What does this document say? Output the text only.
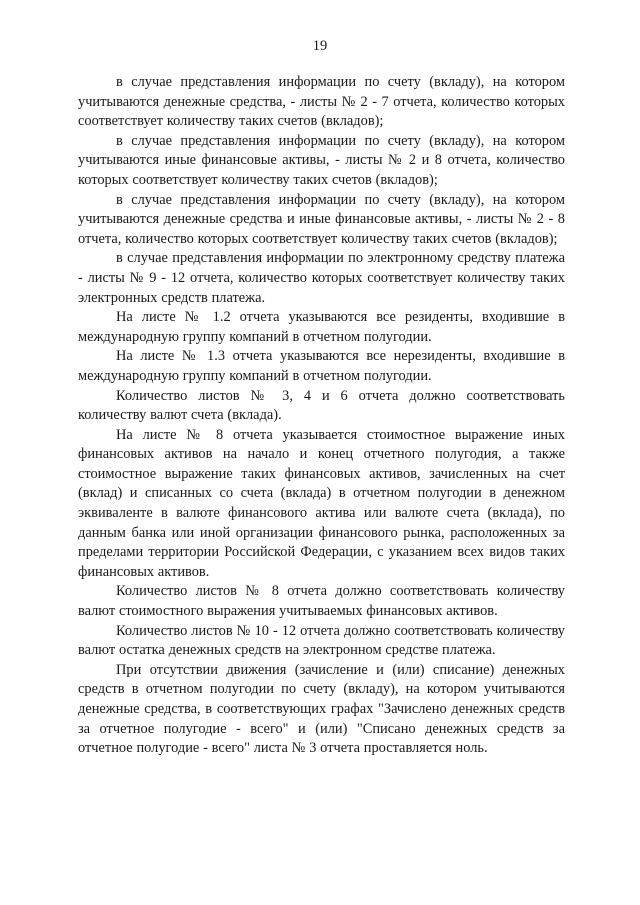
19

в случае представления информации по счету (вкладу), на котором учитываются денежные средства, - листы № 2 - 7 отчета, количество которых соответствует количеству таких счетов (вкладов);

в случае представления информации по счету (вкладу), на котором учитываются иные финансовые активы, - листы № 2 и 8 отчета, количество которых соответствует количеству таких счетов (вкладов);

в случае представления информации по счету (вкладу), на котором учитываются денежные средства и иные финансовые активы, - листы № 2 - 8 отчета, количество которых соответствует количеству таких счетов (вкладов);

в случае представления информации по электронному средству платежа - листы № 9 - 12 отчета, количество которых соответствует количеству таких электронных средств платежа.

На листе № 1.2 отчета указываются все резиденты, входившие в международную группу компаний в отчетном полугодии.

На листе № 1.3 отчета указываются все нерезиденты, входившие в международную группу компаний в отчетном полугодии.

Количество листов № 3, 4 и 6 отчета должно соответствовать количеству валют счета (вклада).

На листе № 8 отчета указывается стоимостное выражение иных финансовых активов на начало и конец отчетного полугодия, а также стоимостное выражение таких финансовых активов, зачисленных на счет (вклад) и списанных со счета (вклада) в отчетном полугодии в денежном эквиваленте в валюте финансового актива или валюте счета (вклада), по данным банка или иной организации финансового рынка, расположенных за пределами территории Российской Федерации, с указанием всех видов таких финансовых активов.

Количество листов № 8 отчета должно соответствовать количеству валют стоимостного выражения учитываемых финансовых активов.

Количество листов № 10 - 12 отчета должно соответствовать количеству валют остатка денежных средств на электронном средстве платежа.

При отсутствии движения (зачисление и (или) списание) денежных средств в отчетном полугодии по счету (вкладу), на котором учитываются денежные средства, в соответствующих графах "Зачислено денежных средств за отчетное полугодие - всего" и (или) "Списано денежных средств за отчетное полугодие - всего" листа № 3 отчета проставляется ноль.
